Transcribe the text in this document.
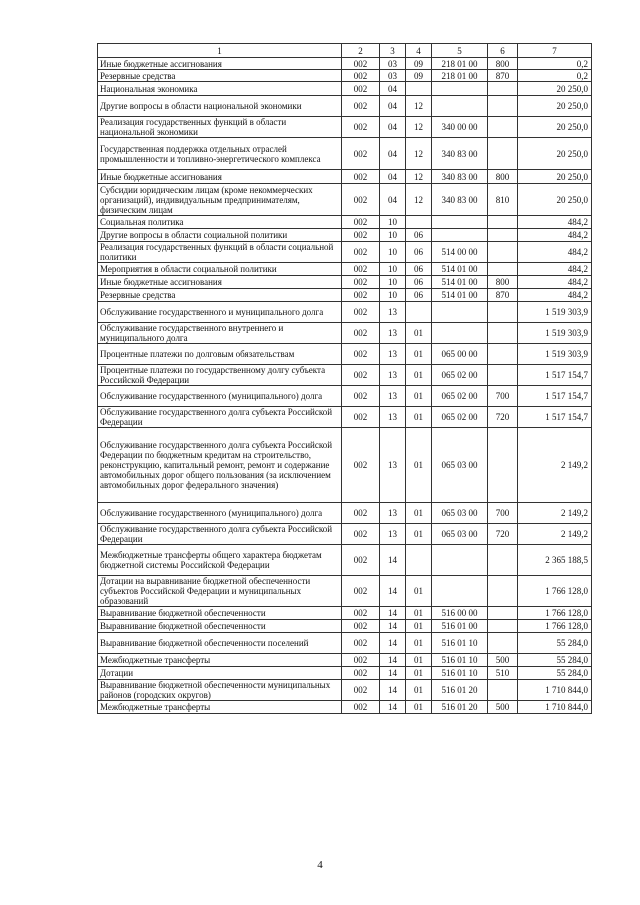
1	2	3	4	5	6	7
Иные бюджетные ассигнования	002	03	09	218 01 00	800	0,2
Резервные средства	002	03	09	218 01 00	870	0,2
Национальная экономика	002	04				20 250,0
Другие вопросы в области национальной экономики	002	04	12			20 250,0
Реализация государственных функций в области национальной экономики	002	04	12	340 00 00		20 250,0
Государственная поддержка отдельных отраслей промышленности и топливно-энергетического комплекса	002	04	12	340 83 00		20 250,0
Иные бюджетные ассигнования	002	04	12	340 83 00	800	20 250,0
Субсидии юридическим лицам (кроме некоммерческих организаций), индивидуальным предпринимателям, физическим лицам	002	04	12	340 83 00	810	20 250,0
Социальная политика	002	10				484,2
Другие вопросы в области социальной политики	002	10	06			484,2
Реализация государственных функций в области социальной политики	002	10	06	514 00 00		484,2
Мероприятия в области социальной политики	002	10	06	514 01 00		484,2
Иные бюджетные ассигнования	002	10	06	514 01 00	800	484,2
Резервные средства	002	10	06	514 01 00	870	484,2
Обслуживание государственного и муниципального долга	002	13				1 519 303,9
Обслуживание государственного внутреннего и муниципального долга	002	13	01			1 519 303,9
Процентные платежи по долговым обязательствам	002	13	01	065 00 00		1 519 303,9
Процентные платежи по государственному долгу субъекта Российской Федерации	002	13	01	065 02 00		1 517 154,7
Обслуживание государственного (муниципального) долга	002	13	01	065 02 00	700	1 517 154,7
Обслуживание государственного долга субъекта Российской Федерации	002	13	01	065 02 00	720	1 517 154,7
Обслуживание государственного долга субъекта Российской Федерации по бюджетным кредитам на строительство, реконструкцию, капитальный ремонт, ремонт и содержание автомобильных дорог общего пользования (за исключением автомобильных дорог федерального значения)	002	13	01	065 03 00		2 149,2
Обслуживание государственного (муниципального) долга	002	13	01	065 03 00	700	2 149,2
Обслуживание государственного долга субъекта Российской Федерации	002	13	01	065 03 00	720	2 149,2
Межбюджетные трансферты общего характера бюджетам бюджетной системы Российской Федерации	002	14				2 365 188,5
Дотации на выравнивание бюджетной обеспеченности субъектов Российской Федерации и муниципальных образований	002	14	01			1 766 128,0
Выравнивание бюджетной обеспеченности	002	14	01	516 00 00		1 766 128,0
Выравнивание бюджетной обеспеченности	002	14	01	516 01 00		1 766 128,0
Выравнивание бюджетной обеспеченности поселений	002	14	01	516 01 10		55 284,0
Межбюджетные трансферты	002	14	01	516 01 10	500	55 284,0
Дотации	002	14	01	516 01 10	510	55 284,0
Выравнивание бюджетной обеспеченности муниципальных районов (городских округов)	002	14	01	516 01 20		1 710 844,0
Межбюджетные трансферты	002	14	01	516 01 20	500	1 710 844,0
4
